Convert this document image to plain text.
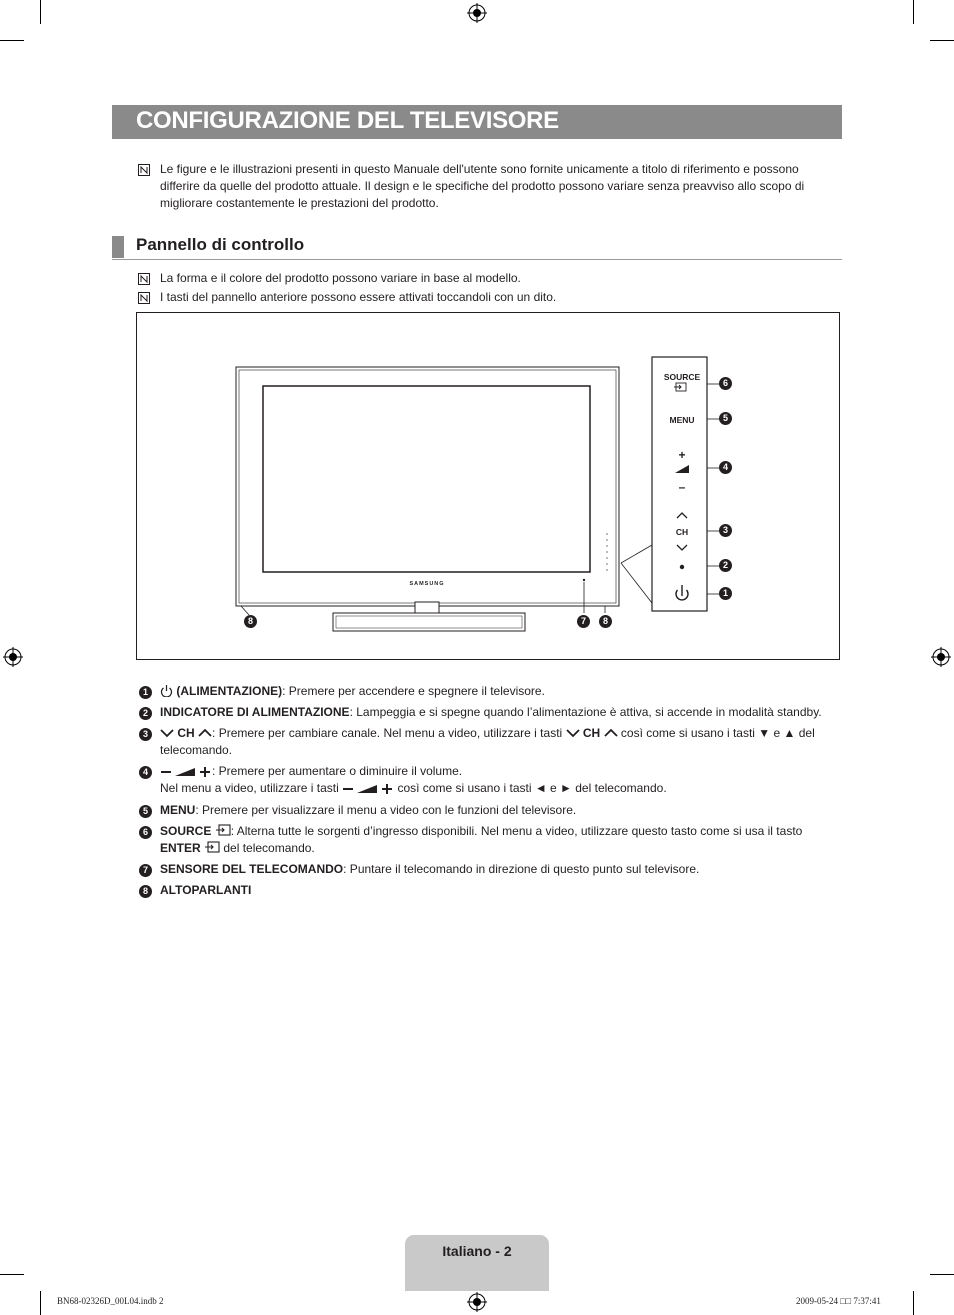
CONFIGURAZIONE DEL TELEVISORE
Le figure e le illustrazioni presenti in questo Manuale dell'utente sono fornite unicamente a titolo di riferimento e possono differire da quelle del prodotto attuale. Il design e le specifiche del prodotto possono variare senza preavviso allo scopo di migliorare costantemente le prestazioni del prodotto.
Pannello di controllo
La forma e il colore del prodotto possono variare in base al modello.
I tasti del pannello anteriore possono essere attivati toccandoli con un dito.
SAMSUNG
SOURCE
MENU
+
–
CH
6
5
4
3
2
1
8	7	8
1	(ALIMENTAZIONE): Premere per accendere e spegnere il televisore.
2	INDICATORE DI ALIMENTAZIONE: Lampeggia e si spegne quando l’alimentazione è attiva, si accende in modalità standby.
3	CH : Premere per cambiare canale. Nel menu a video, utilizzare i tasti CH così come si usano i tasti ▼ e ▲ del
telecomando.
4	: Premere per aumentare o diminuire il volume.
Nel menu a video, utilizzare i tasti	così come si usano i tasti ◄ e ► del telecomando.
5	MENU: Premere per visualizzare il menu a video con le funzioni del televisore.
6	SOURCE : Alterna tutte le sorgenti d’ingresso disponibili. Nel menu a video, utilizzare questo tasto come si usa il tasto
ENTER del telecomando.
7	SENSORE DEL TELECOMANDO: Puntare il telecomando in direzione di questo punto sul televisore.
8	ALTOPARLANTI
Italiano - 2
BN68-02326D_00L04.indb 2	2009-05-24 □□ 7:37:41
